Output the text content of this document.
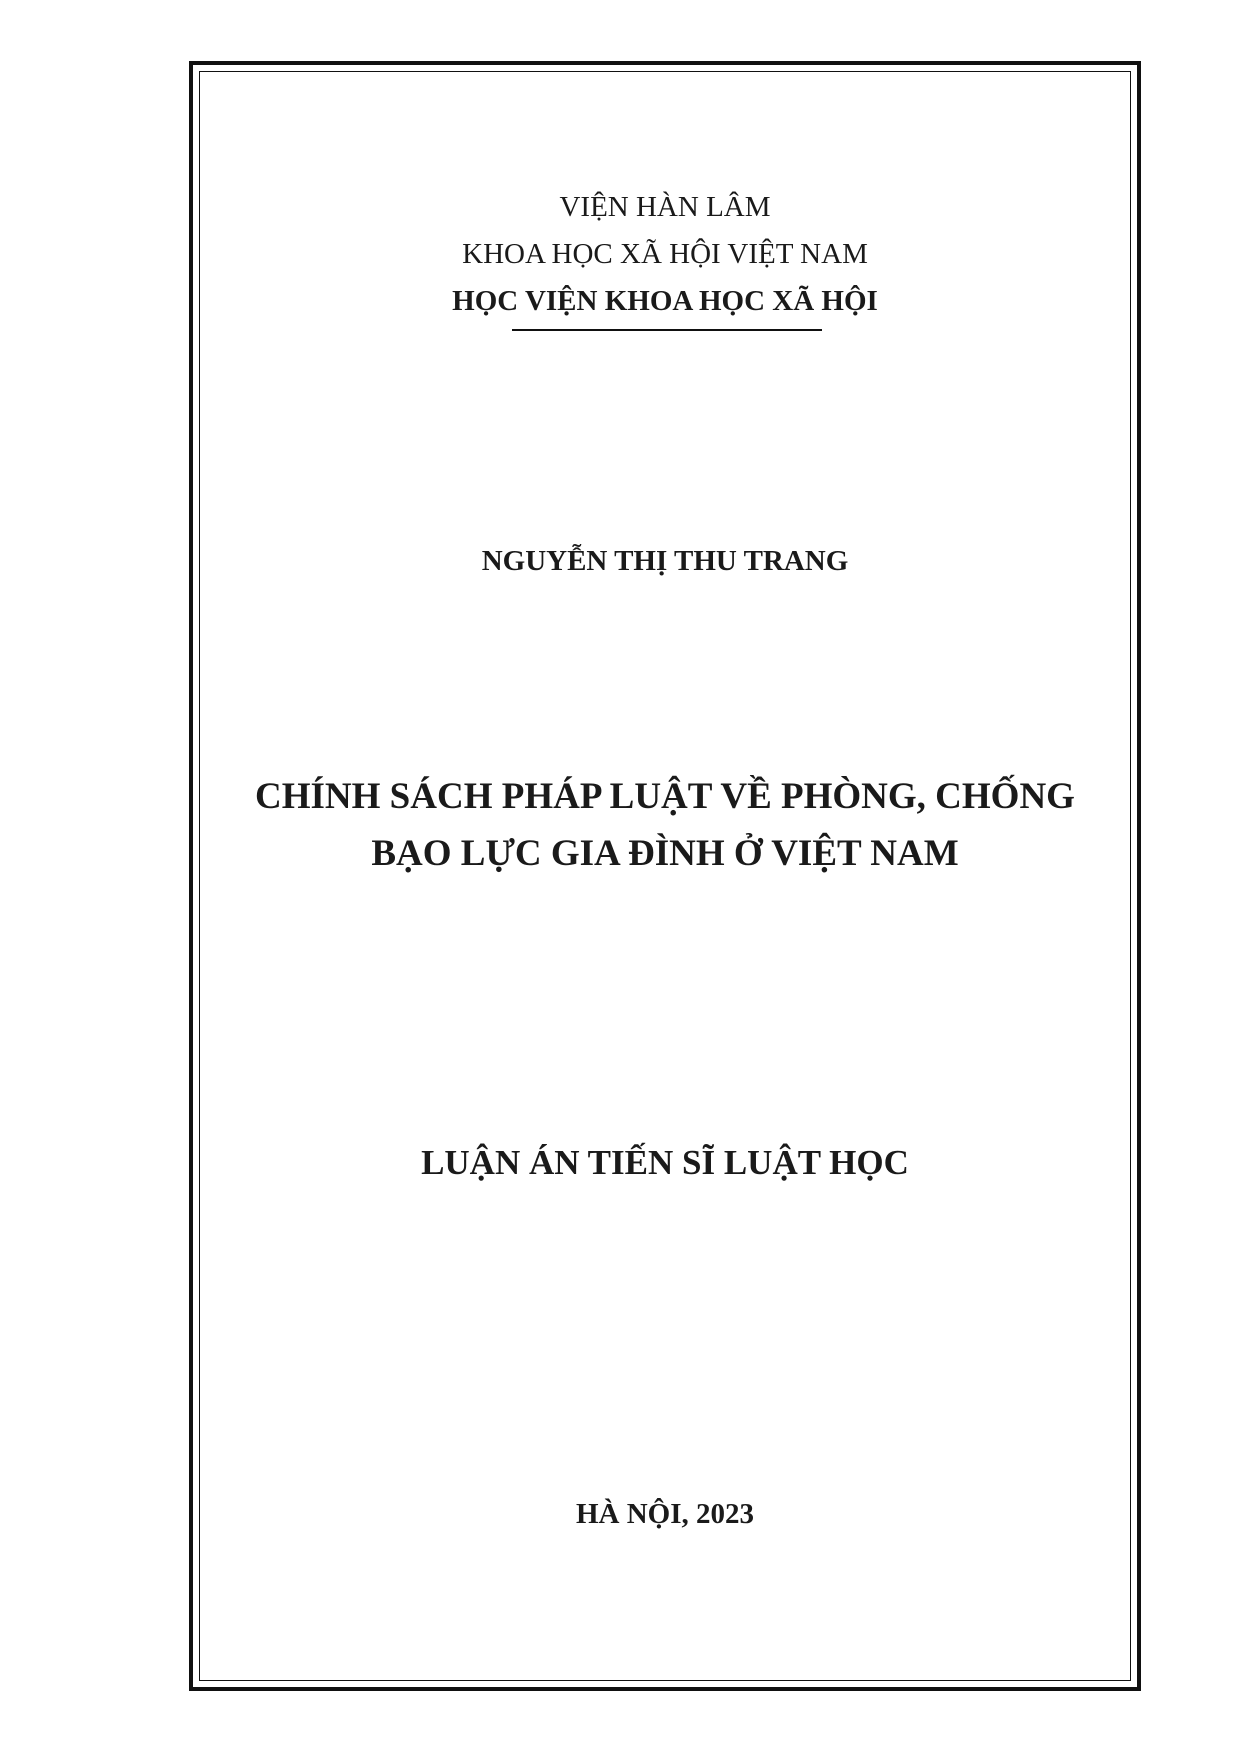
VIỆN HÀN LÂM
KHOA HỌC XÃ HỘI VIỆT NAM
HỌC VIỆN KHOA HỌC XÃ HỘI
NGUYỄN THỊ THU TRANG
CHÍNH SÁCH PHÁP LUẬT VỀ PHÒNG, CHỐNG
BẠO LỰC GIA ĐÌNH Ở VIỆT NAM
LUẬN ÁN TIẾN SĨ LUẬT HỌC
HÀ NỘI, 2023
